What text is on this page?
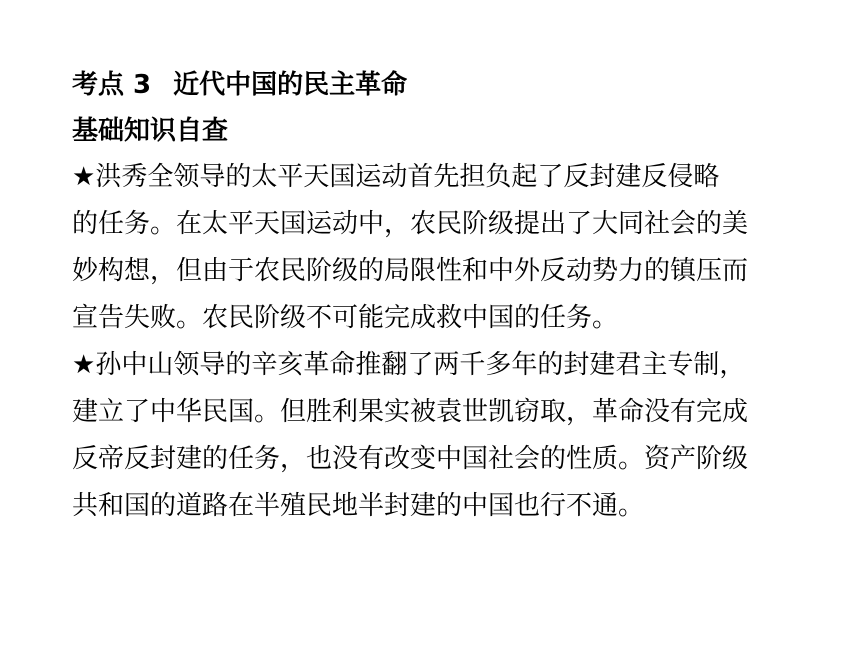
考点 3 近代中国的民主革命
基础知识自查

★洪秀全领导的太平天国运动首先担负起了反封建反侵略
的任务。在太平天国运动中，农民阶级提出了大同社会的美
妙构想，但由于农民阶级的局限性和中外反动势力的镇压而
宣告失败。农民阶级不可能完成救中国的任务。

★孙中山领导的辛亥革命推翻了两千多年的封建君主专制，
建立了中华民国。但胜利果实被袁世凯窃取，革命没有完成
反帝反封建的任务，也没有改变中国社会的性质。资产阶级
共和国的道路在半殖民地半封建的中国也行不通。
